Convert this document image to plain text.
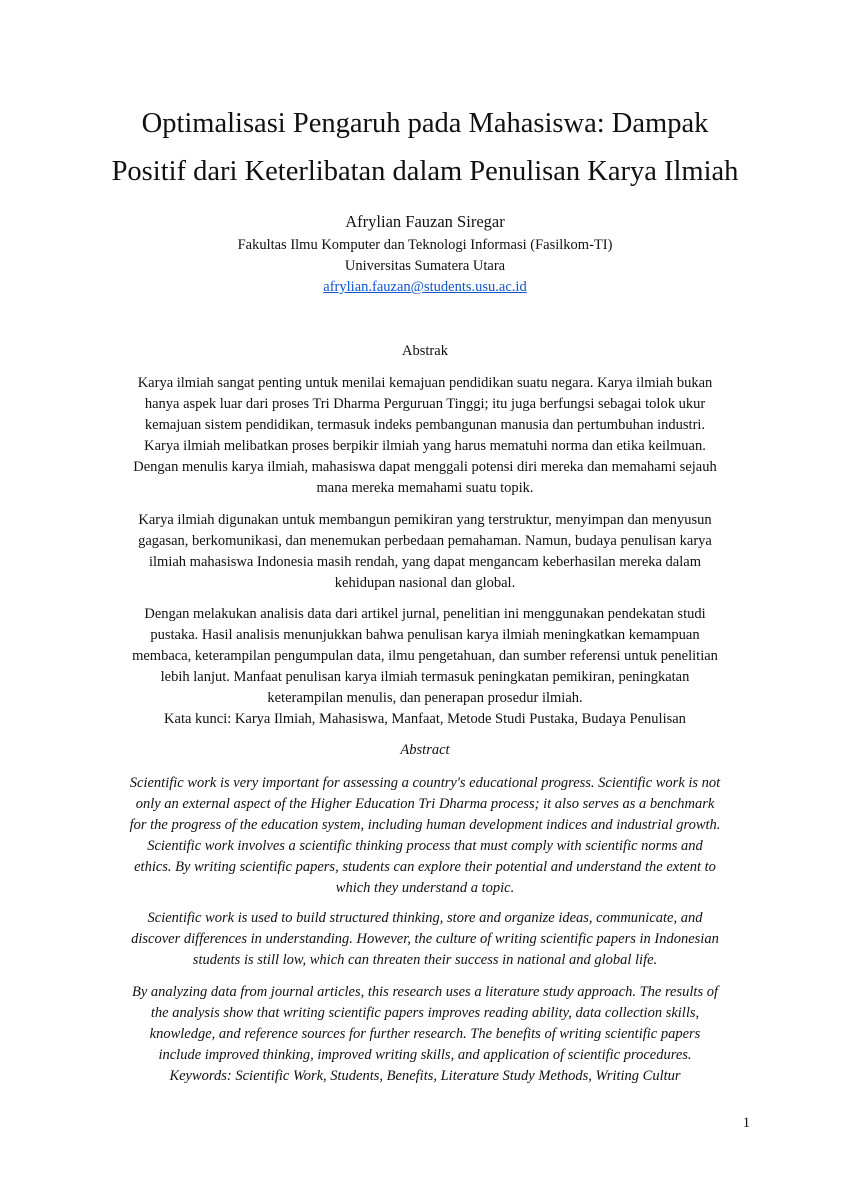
Optimalisasi Pengaruh pada Mahasiswa: Dampak
Positif dari Keterlibatan dalam Penulisan Karya Ilmiah
Afrylian Fauzan Siregar
Fakultas Ilmu Komputer dan Teknologi Informasi (Fasilkom-TI)
Universitas Sumatera Utara
afrylian.fauzan@students.usu.ac.id
Abstrak
Karya ilmiah sangat penting untuk menilai kemajuan pendidikan suatu negara. Karya ilmiah bukan
hanya aspek luar dari proses Tri Dharma Perguruan Tinggi; itu juga berfungsi sebagai tolok ukur
kemajuan sistem pendidikan, termasuk indeks pembangunan manusia dan pertumbuhan industri.
Karya ilmiah melibatkan proses berpikir ilmiah yang harus mematuhi norma dan etika keilmuan.
Dengan menulis karya ilmiah, mahasiswa dapat menggali potensi diri mereka dan memahami sejauh
mana mereka memahami suatu topik.
Karya ilmiah digunakan untuk membangun pemikiran yang terstruktur, menyimpan dan menyusun
gagasan, berkomunikasi, dan menemukan perbedaan pemahaman. Namun, budaya penulisan karya
ilmiah mahasiswa Indonesia masih rendah, yang dapat mengancam keberhasilan mereka dalam
kehidupan nasional dan global.
Dengan melakukan analisis data dari artikel jurnal, penelitian ini menggunakan pendekatan studi
pustaka. Hasil analisis menunjukkan bahwa penulisan karya ilmiah meningkatkan kemampuan
membaca, keterampilan pengumpulan data, ilmu pengetahuan, dan sumber referensi untuk penelitian
lebih lanjut. Manfaat penulisan karya ilmiah termasuk peningkatan pemikiran, peningkatan
keterampilan menulis, dan penerapan prosedur ilmiah.
Kata kunci: Karya Ilmiah, Mahasiswa, Manfaat, Metode Studi Pustaka, Budaya Penulisan
Abstract
Scientific work is very important for assessing a country's educational progress. Scientific work is not
only an external aspect of the Higher Education Tri Dharma process; it also serves as a benchmark
for the progress of the education system, including human development indices and industrial growth.
Scientific work involves a scientific thinking process that must comply with scientific norms and
ethics. By writing scientific papers, students can explore their potential and understand the extent to
which they understand a topic.
Scientific work is used to build structured thinking, store and organize ideas, communicate, and
discover differences in understanding. However, the culture of writing scientific papers in Indonesian
students is still low, which can threaten their success in national and global life.
By analyzing data from journal articles, this research uses a literature study approach. The results of
the analysis show that writing scientific papers improves reading ability, data collection skills,
knowledge, and reference sources for further research. The benefits of writing scientific papers
include improved thinking, improved writing skills, and application of scientific procedures.
Keywords: Scientific Work, Students, Benefits, Literature Study Methods, Writing Cultur
1
